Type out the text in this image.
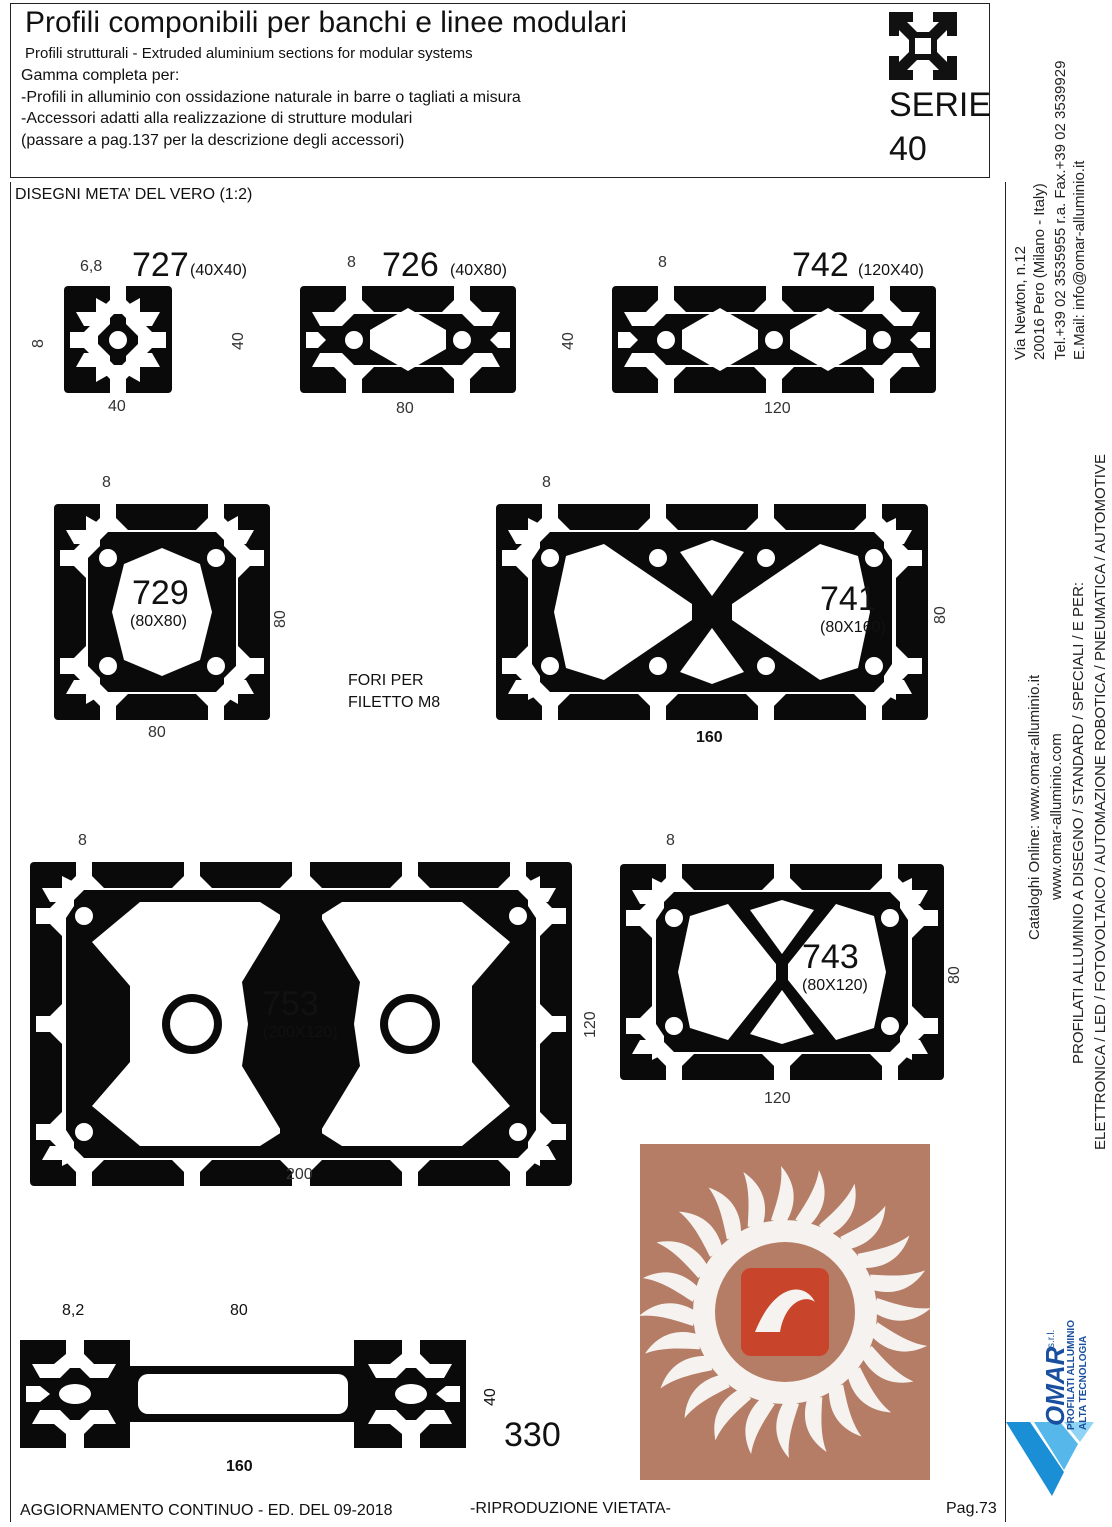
Profili componibili per banchi e linee modulari
Profili strutturali - Extruded aluminium sections for modular systems
Gamma completa per:
-Profili in alluminio con ossidazione naturale in barre o tagliati a misura
-Accessori adatti alla realizzazione di strutture modulari
(passare a pag.137 per la descrizione degli accessori)
SERIE
40
DISEGNI META’ DEL VERO (1:2)
727 (40X40)
6,8
8
40
40
726 (40X80)
8
80
40
742 (120X40)
8
120
729
(80X80)
8
80
80
FORI PER
FILETTO M8
741
(80X160)
8
160
80
753
(200X120)
8
200
120
743
(80X120)
8
120
80
330
8,2	80
160
40
AGGIORNAMENTO CONTINUO - ED. DEL 09-2018	-RIPRODUZIONE VIETATA-	Pag.73
Via Newton, n.12 20016 Pero (Milano - Italy) Tel.+39 02 3535955 r.a. Fax.+39 02 3539929 E.Mail: info@omar-alluminio.it
Cataloghi Online: www.omar-alluminio.it www.omar-alluminio.com PROFILATI ALLUMINIO A DISEGNO / STANDARD / SPECIALI / E PER: ELETTRONICA / LED / FOTOVOLTAICO / AUTOMAZIONE ROBOTICA / PNEUMATICA / AUTOMOTIVE
OMAR
s.r.l. PROFILATI ALLUMINIO ALTA TECNOLOGIA
